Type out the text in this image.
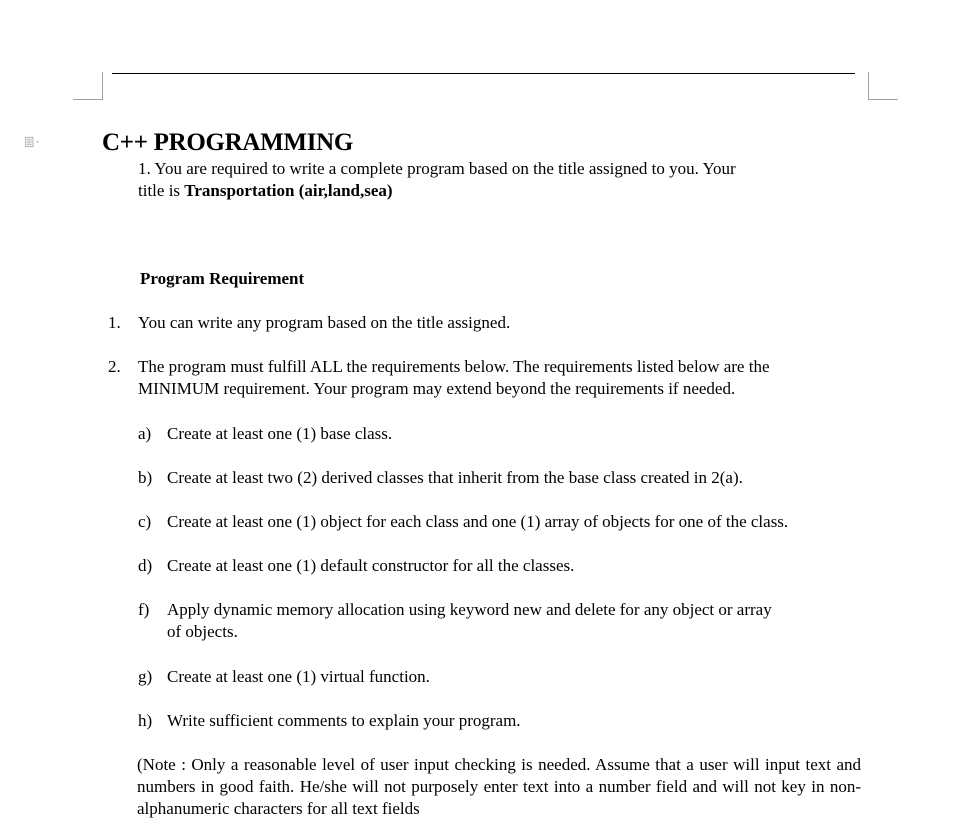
C++ PROGRAMMING
1. You are required to write a complete program based on the title assigned to you. Your
title is Transportation (air,land,sea)
Program Requirement
1. You can write any program based on the title assigned.
2. The program must fulfill ALL the requirements below. The requirements listed below are the
MINIMUM requirement. Your program may extend beyond the requirements if needed.
a) Create at least one (1) base class.
b) Create at least two (2) derived classes that inherit from the base class created in 2(a).
c) Create at least one (1) object for each class and one (1) array of objects for one of the class.
d) Create at least one (1) default constructor for all the classes.
f) Apply dynamic memory allocation using keyword new and delete for any object or array
of objects.
g) Create at least one (1) virtual function.
h) Write sufficient comments to explain your program.
(Note : Only a reasonable level of user input checking is needed. Assume that a user will input text and numbers in good faith. He/she will not purposely enter text into a number field and will not key in non-alphanumeric characters for all text fields
